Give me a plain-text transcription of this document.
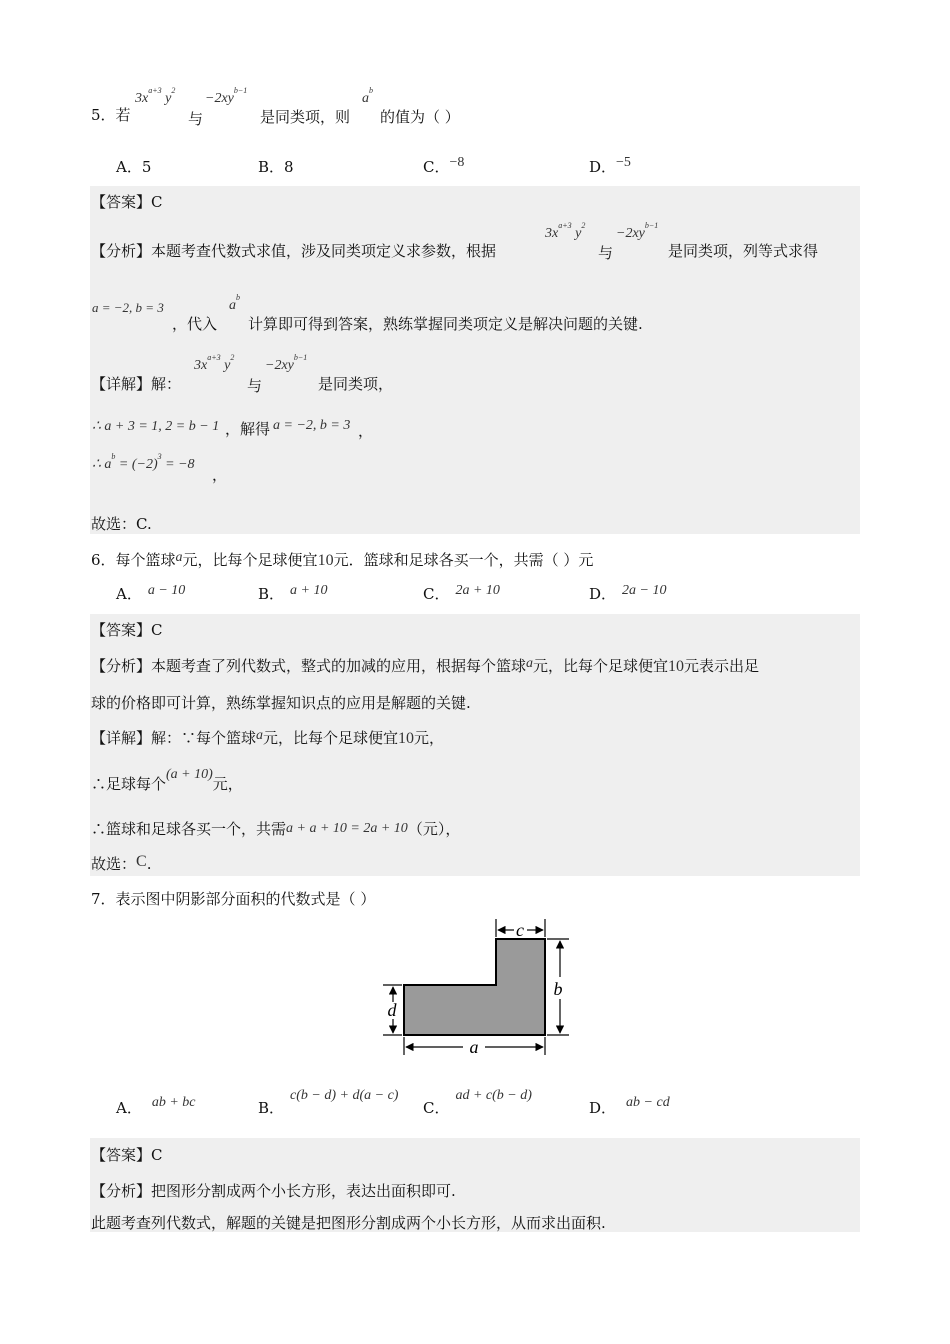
5．若
$3x^{a+3}$ $y^2$
与
$-2xy^{b-1}$
是同类项，则
$a^b$
的值为（ ）
A．5	B．8	C．−8	D．−5
【答案】C
【分析】本题考查代数式求值，涉及同类项定义求参数，根据
$3x^{a+3}$ $y^2$
与
$-2xy^{b-1}$
是同类项，列等式求得
a = −2, b = 3
，代入
$a^b$
计算即可得到答案，熟练掌握同类项定义是解决问题的关键.
【详解】解：
$3x^{a+3}$ $y^2$
与
$-2xy^{b-1}$
是同类项，
∴ a + 3 = 1, 2 = b − 1 ，解得 a = −2, b = 3 ，
∴ $a^b = (-2)^3 = -8$
，
故选：C.
6．每个篮球a元，比每个足球便宜10元．篮球和足球各买一个，共需（ ）元
A． a − 10	B． a + 10	C． 2a + 10	D． 2a − 10
【答案】C
【分析】本题考查了列代数式，整式的加减的应用，根据每个篮球a元，比每个足球便宜10元表示出足
球的价格即可计算，熟练掌握知识点的应用是解题的关键.
【详解】解：∵每个篮球a元，比每个足球便宜10元，
∴足球每个(a + 10)元，
∴篮球和足球各买一个，共需a + a + 10 = 2a + 10（元），
故选：C.
7．表示图中阴影部分面积的代数式是（ ）
c
b
d
a
A． ab + bc	B．c(b − d) + d(a − c)
C．ad + c(b − d)
D． ab − cd
【答案】C
【分析】把图形分割成两个小长方形，表达出面积即可.
此题考查列代数式，解题的关键是把图形分割成两个小长方形，从而求出面积.
